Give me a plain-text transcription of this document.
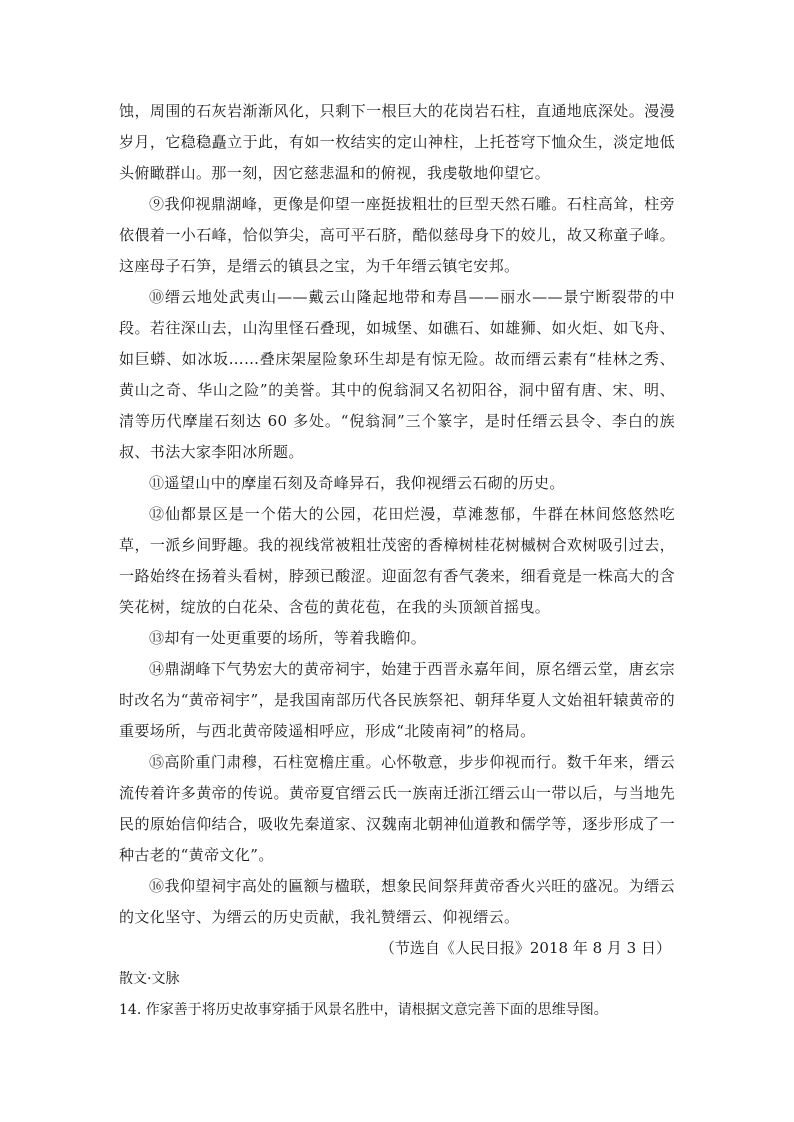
蚀，周围的石灰岩渐渐风化，只剩下一根巨大的花岗岩石柱，直通地底深处。漫漫岁月，它稳稳矗立于此，有如一枚结实的定山神柱，上托苍穹下恤众生，淡定地低头俯瞰群山。那一刻，因它慈悲温和的俯视，我虔敬地仰望它。

⑨我仰视鼎湖峰，更像是仰望一座挺拔粗壮的巨型天然石雕。石柱高耸，柱旁依偎着一小石峰，恰似笋尖，高可平石脐，酷似慈母身下的姣儿，故又称童子峰。这座母子石笋，是缙云的镇县之宝，为千年缙云镇宅安邦。

⑩缙云地处武夷山——戴云山隆起地带和寿昌——丽水——景宁断裂带的中段。若往深山去，山沟里怪石叠现，如城堡、如礁石、如雄狮、如火炬、如飞舟、如巨蟒、如冰坂……叠床架屋险象环生却是有惊无险。故而缙云素有“桂林之秀、黄山之奇、华山之险”的美誉。其中的倪翁洞又名初阳谷，洞中留有唐、宋、明、清等历代摩崖石刻达 60 多处。“倪翁洞”三个篆字，是时任缙云县令、李白的族叔、书法大家李阳冰所题。

⑪遥望山中的摩崖石刻及奇峰异石，我仰视缙云石砌的历史。

⑫仙都景区是一个偌大的公园，花田烂漫，草滩葱郁，牛群在林间悠悠然吃草，一派乡间野趣。我的视线常被粗壮茂密的香樟树桂花树槭树合欢树吸引过去，一路始终在扬着头看树，脖颈已酸涩。迎面忽有香气袭来，细看竟是一株高大的含笑花树，绽放的白花朵、含苞的黄花苞，在我的头顶颔首摇曳。

⑬却有一处更重要的场所，等着我瞻仰。

⑭鼎湖峰下气势宏大的黄帝祠宇，始建于西晋永嘉年间，原名缙云堂，唐玄宗时改名为“黄帝祠宇”，是我国南部历代各民族祭祀、朝拜华夏人文始祖轩辕黄帝的重要场所，与西北黄帝陵遥相呼应，形成“北陵南祠”的格局。

⑮高阶重门肃穆，石柱宽檐庄重。心怀敬意，步步仰视而行。数千年来，缙云流传着许多黄帝的传说。黄帝夏官缙云氏一族南迁浙江缙云山一带以后，与当地先民的原始信仰结合，吸收先秦道家、汉魏南北朝神仙道教和儒学等，逐步形成了一种古老的“黄帝文化”。

⑯我仰望祠宇高处的匾额与楹联，想象民间祭拜黄帝香火兴旺的盛况。为缙云的文化坚守、为缙云的历史贡献，我礼赞缙云、仰视缙云。

（节选自《人民日报》2018 年 8 月 3 日）

散文·文脉

14. 作家善于将历史故事穿插于风景名胜中，请根据文意完善下面的思维导图。
